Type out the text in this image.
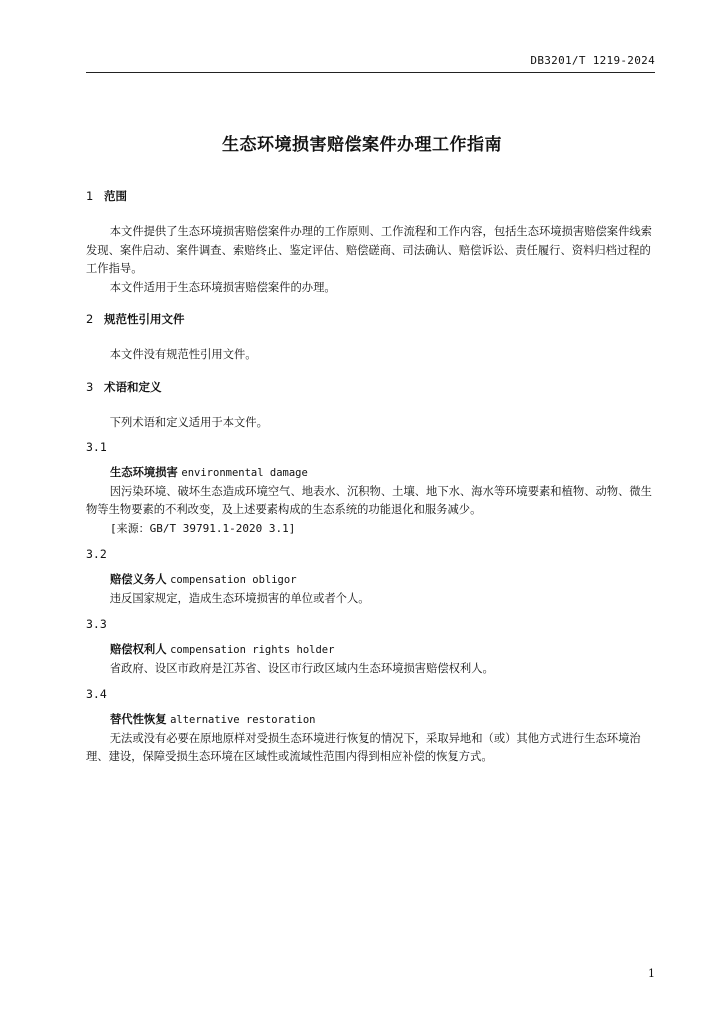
DB3201/T 1219-2024
生态环境损害赔偿案件办理工作指南
1 范围

本文件提供了生态环境损害赔偿案件办理的工作原则、工作流程和工作内容，包括生态环境损害赔偿案件线索发现、案件启动、案件调查、索赔终止、鉴定评估、赔偿磋商、司法确认、赔偿诉讼、责任履行、资料归档过程的工作指导。

本文件适用于生态环境损害赔偿案件的办理。

2 规范性引用文件

本文件没有规范性引用文件。

3 术语和定义

下列术语和定义适用于本文件。

3.1

生态环境损害 environmental damage

因污染环境、破坏生态造成环境空气、地表水、沉积物、土壤、地下水、海水等环境要素和植物、动物、微生物等生物要素的不利改变，及上述要素构成的生态系统的功能退化和服务减少。

[来源：GB/T 39791.1-2020 3.1]

3.2

赔偿义务人 compensation obligor

违反国家规定，造成生态环境损害的单位或者个人。

3.3

赔偿权利人 compensation rights holder

省政府、设区市政府是江苏省、设区市行政区域内生态环境损害赔偿权利人。

3.4

替代性恢复 alternative restoration

无法或没有必要在原地原样对受损生态环境进行恢复的情况下，采取异地和（或）其他方式进行生态环境治理、建设，保障受损生态环境在区域性或流域性范围内得到相应补偿的恢复方式。

1
